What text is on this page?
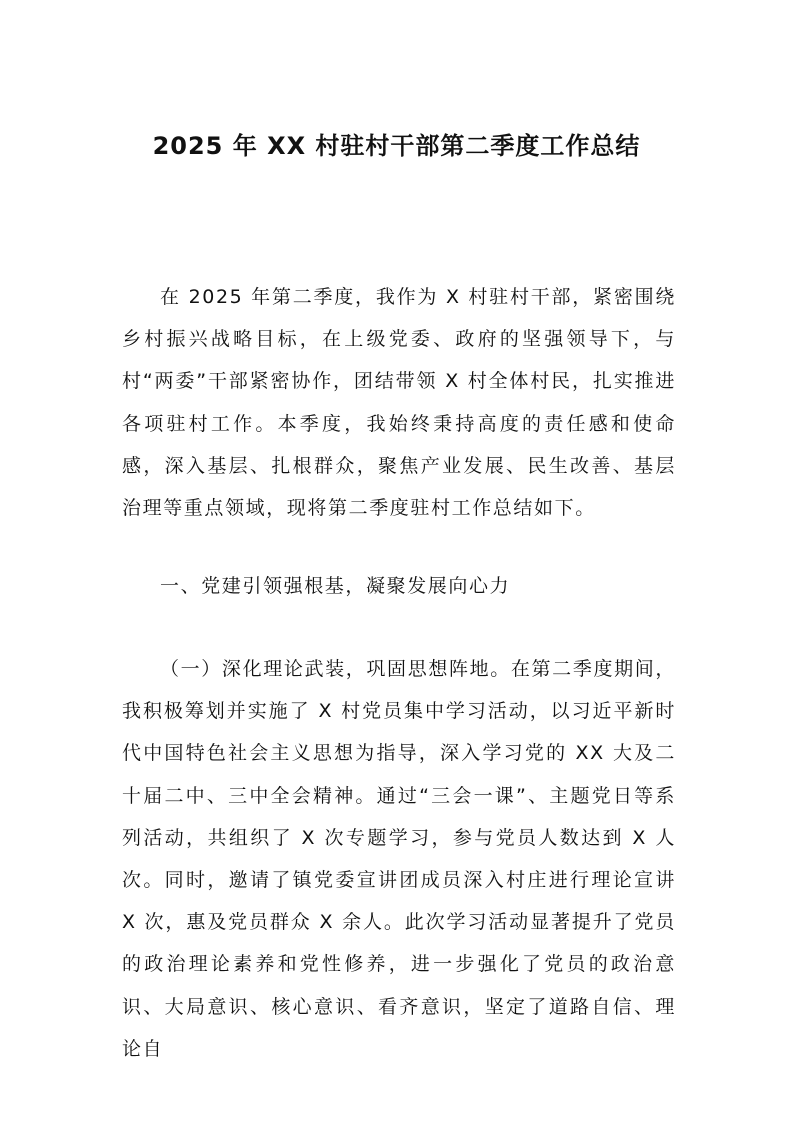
2025 年 XX 村驻村干部第二季度工作总结

在 2025 年第二季度，我作为 X 村驻村干部，紧密围绕乡村振兴战略目标，在上级党委、政府的坚强领导下，与村“两委”干部紧密协作，团结带领 X 村全体村民，扎实推进各项驻村工作。本季度，我始终秉持高度的责任感和使命感，深入基层、扎根群众，聚焦产业发展、民生改善、基层治理等重点领域，现将第二季度驻村工作总结如下。

一、党建引领强根基，凝聚发展向心力

（一）深化理论武装，巩固思想阵地。在第二季度期间，我积极筹划并实施了 X 村党员集中学习活动，以习近平新时代中国特色社会主义思想为指导，深入学习党的 XX 大及二十届二中、三中全会精神。通过“三会一课”、主题党日等系列活动，共组织了 X 次专题学习，参与党员人数达到 X 人次。同时，邀请了镇党委宣讲团成员深入村庄进行理论宣讲 X 次，惠及党员群众 X 余人。此次学习活动显著提升了党员的政治理论素养和党性修养，进一步强化了党员的政治意识、大局意识、核心意识、看齐意识，坚定了道路自信、理论自
